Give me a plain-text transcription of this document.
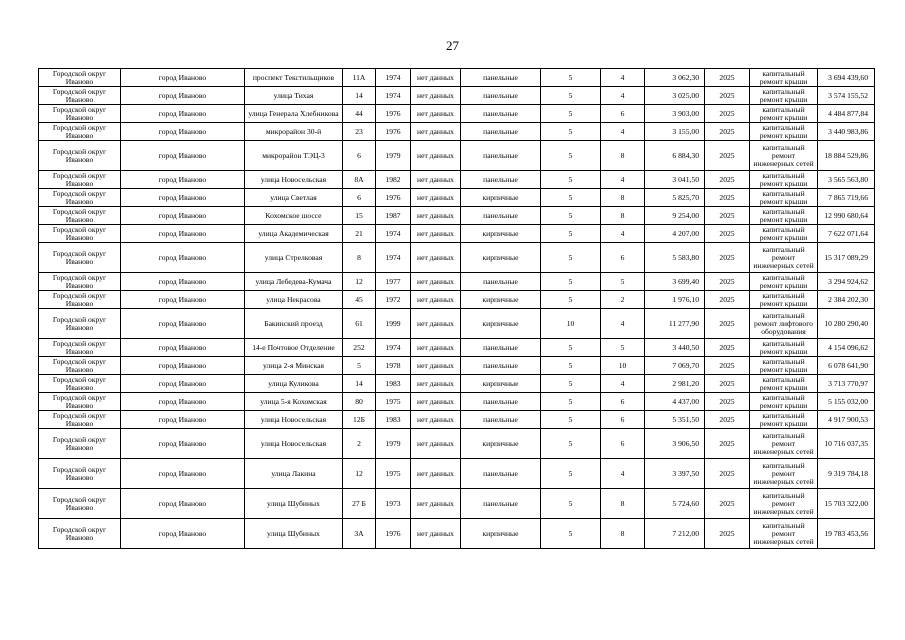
27
Городской округ Иваново	город Иваново	проспект Текстильщиков	11А	1974	нет данных	панельные	5	4	3 062,30	2025	капитальный ремонт крыши	3 694 439,60
Городской округ Иваново	город Иваново	улица Тихая	14	1974	нет данных	панельные	5	4	3 025,00	2025	капитальный ремонт крыши	3 574 155,52
Городской округ Иваново	город Иваново	улица Генерала Хлебникова	44	1976	нет данных	панельные	5	6	3 903,00	2025	капитальный ремонт крыши	4 484 877,84
Городской округ Иваново	город Иваново	микрорайон 30-й	23	1976	нет данных	панельные	5	4	3 155,00	2025	капитальный ремонт крыши	3 440 983,86
Городской округ Иваново	город Иваново	микрорайон ТЭЦ-3	6	1979	нет данных	панельные	5	8	6 884,30	2025	капитальный ремонт инженерных сетей	18 884 529,86
Городской округ Иваново	город Иваново	улица Новосельская	8А	1982	нет данных	панельные	5	4	3 041,50	2025	капитальный ремонт крыши	3 565 563,80
Городской округ Иваново	город Иваново	улица Светлая	6	1976	нет данных	кирпичные	5	8	5 825,70	2025	капитальный ремонт крыши	7 865 719,66
Городской округ Иваново	город Иваново	Кохомское шоссе	15	1987	нет данных	панельные	5	8	9 254,00	2025	капитальный ремонт крыши	12 990 680,64
Городской округ Иваново	город Иваново	улица Академическая	21	1974	нет данных	кирпичные	5	4	4 207,00	2025	капитальный ремонт крыши	7 622 071,64
Городской округ Иваново	город Иваново	улица Стрелковая	8	1974	нет данных	кирпичные	5	6	5 583,80	2025	капитальный ремонт инженерных сетей	15 317 089,29
Городской округ Иваново	город Иваново	улица Лебедева-Кумача	12	1977	нет данных	панельные	5	5	3 699,40	2025	капитальный ремонт крыши	3 294 924,62
Городской округ Иваново	город Иваново	улица Некрасова	45	1972	нет данных	кирпичные	5	2	1 976,10	2025	капитальный ремонт крыши	2 384 202,30
Городской округ Иваново	город Иваново	Бакинский проезд	61	1999	нет данных	кирпичные	10	4	11 277,90	2025	капитальный ремонт лифтового оборудования	10 280 290,40
Городской округ Иваново	город Иваново	14-е Почтовое Отделение	252	1974	нет данных	панельные	5	5	3 440,50	2025	капитальный ремонт крыши	4 154 096,62
Городской округ Иваново	город Иваново	улица 2-я Минская	5	1978	нет данных	панельные	5	10	7 069,70	2025	капитальный ремонт крыши	6 078 641,90
Городской округ Иваново	город Иваново	улица Куликова	14	1983	нет данных	кирпичные	5	4	2 981,20	2025	капитальный ремонт крыши	3 713 770,97
Городской округ Иваново	город Иваново	улица 5-я Кохомская	80	1975	нет данных	панельные	5	6	4 437,00	2025	капитальный ремонт крыши	5 155 032,00
Городской округ Иваново	город Иваново	улица Новосельская	12Б	1983	нет данных	панельные	5	6	5 351,50	2025	капитальный ремонт крыши	4 917 900,53
Городской округ Иваново	город Иваново	улица Новосельская	2	1979	нет данных	кирпичные	5	6	3 906,50	2025	капитальный ремонт инженерных сетей	10 716 037,35
Городской округ Иваново	город Иваново	улица Лакина	12	1975	нет данных	панельные	5	4	3 397,50	2025	капитальный ремонт инженерных сетей	9 319 784,18
Городской округ Иваново	город Иваново	улица Шубиных	27 Б	1973	нет данных	панельные	5	8	5 724,60	2025	капитальный ремонт инженерных сетей	15 703 322,00
Городской округ Иваново	город Иваново	улица Шубиных	3А	1976	нет данных	кирпичные	5	8	7 212,00	2025	капитальный ремонт инженерных сетей	19 783 453,56
